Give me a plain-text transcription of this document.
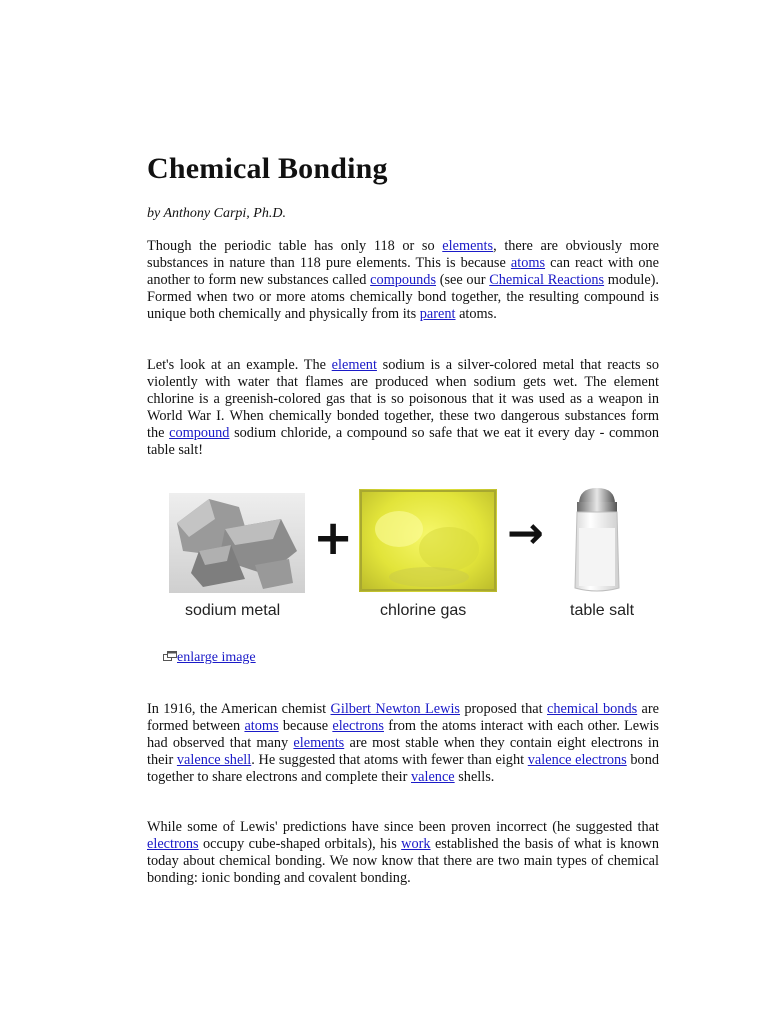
Chemical Bonding

by Anthony Carpi, Ph.D.

Though the periodic table has only 118 or so elements, there are obviously more substances in nature than 118 pure elements. This is because atoms can react with one another to form new substances called compounds (see our Chemical Reactions module). Formed when two or more atoms chemically bond together, the resulting compound is unique both chemically and physically from its parent atoms.

Let's look at an example. The element sodium is a silver-colored metal that reacts so violently with water that flames are produced when sodium gets wet. The element chlorine is a greenish-colored gas that is so poisonous that it was used as a weapon in World War I. When chemically bonded together, these two dangerous substances form the compound sodium chloride, a compound so safe that we eat it every day - common table salt!

+	→
sodium metal	chlorine gas	table salt
enlarge image

In 1916, the American chemist Gilbert Newton Lewis proposed that chemical bonds are formed between atoms because electrons from the atoms interact with each other. Lewis had observed that many elements are most stable when they contain eight electrons in their valence shell. He suggested that atoms with fewer than eight valence electrons bond together to share electrons and complete their valence shells.

While some of Lewis' predictions have since been proven incorrect (he suggested that electrons occupy cube-shaped orbitals), his work established the basis of what is known today about chemical bonding. We now know that there are two main types of chemical bonding: ionic bonding and covalent bonding.
